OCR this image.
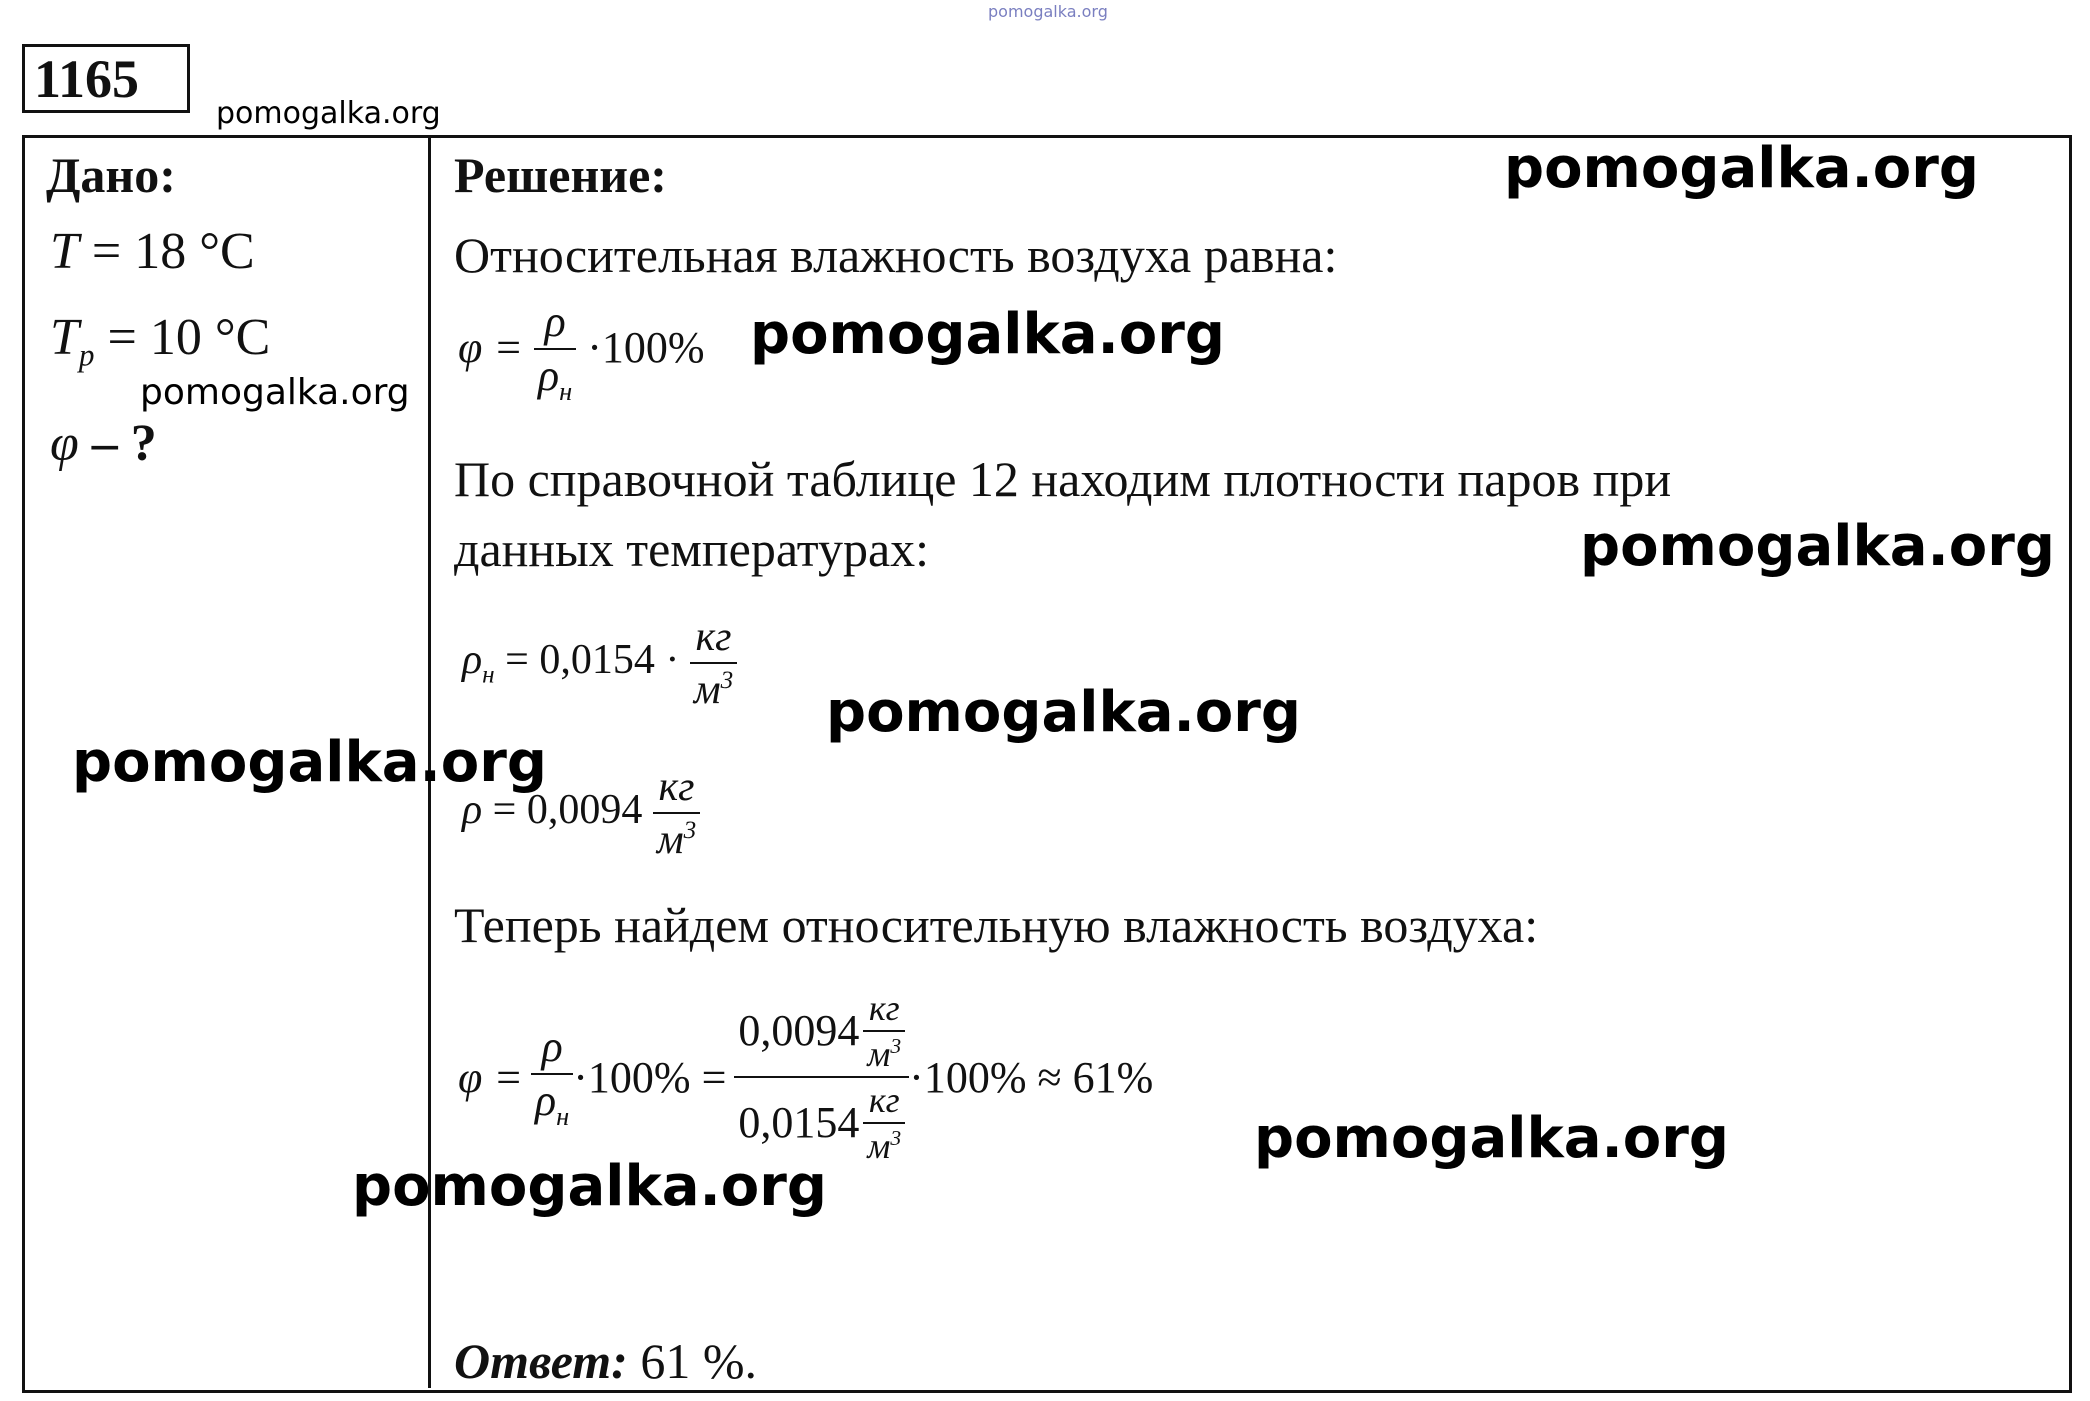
pomogalka.org
1165
pomogalka.org
Дано:
T = 18 °C
$T_p = 10$ °C
pomogalka.org
φ – ?
Решение:	pomogalka.org
Относительная влажность воздуха равна:
$\varphi = \frac{\rho}{\rho_н} \cdot 100\%$ pomogalka.org
По справочной таблице 12 находим плотности паров при
данных температурах:	pomogalka.org
$\rho_н = 0,0154 \cdot \frac{кг}{м^3}$
pomogalka.org
pomogalka.org
$\rho = 0,0094 \frac{кг}{м^3}$
Теперь найдем относительную влажность воздуха:
$\varphi = \frac{\rho}{\rho_н} \cdot 100\% = \frac{0,0094 \frac{кг}{м^3}}{0,0154 \frac{кг}{м^3}} \cdot 100\% \approx 61\%$
pomogalka.org
pomogalka.org
Ответ: 61 %.
